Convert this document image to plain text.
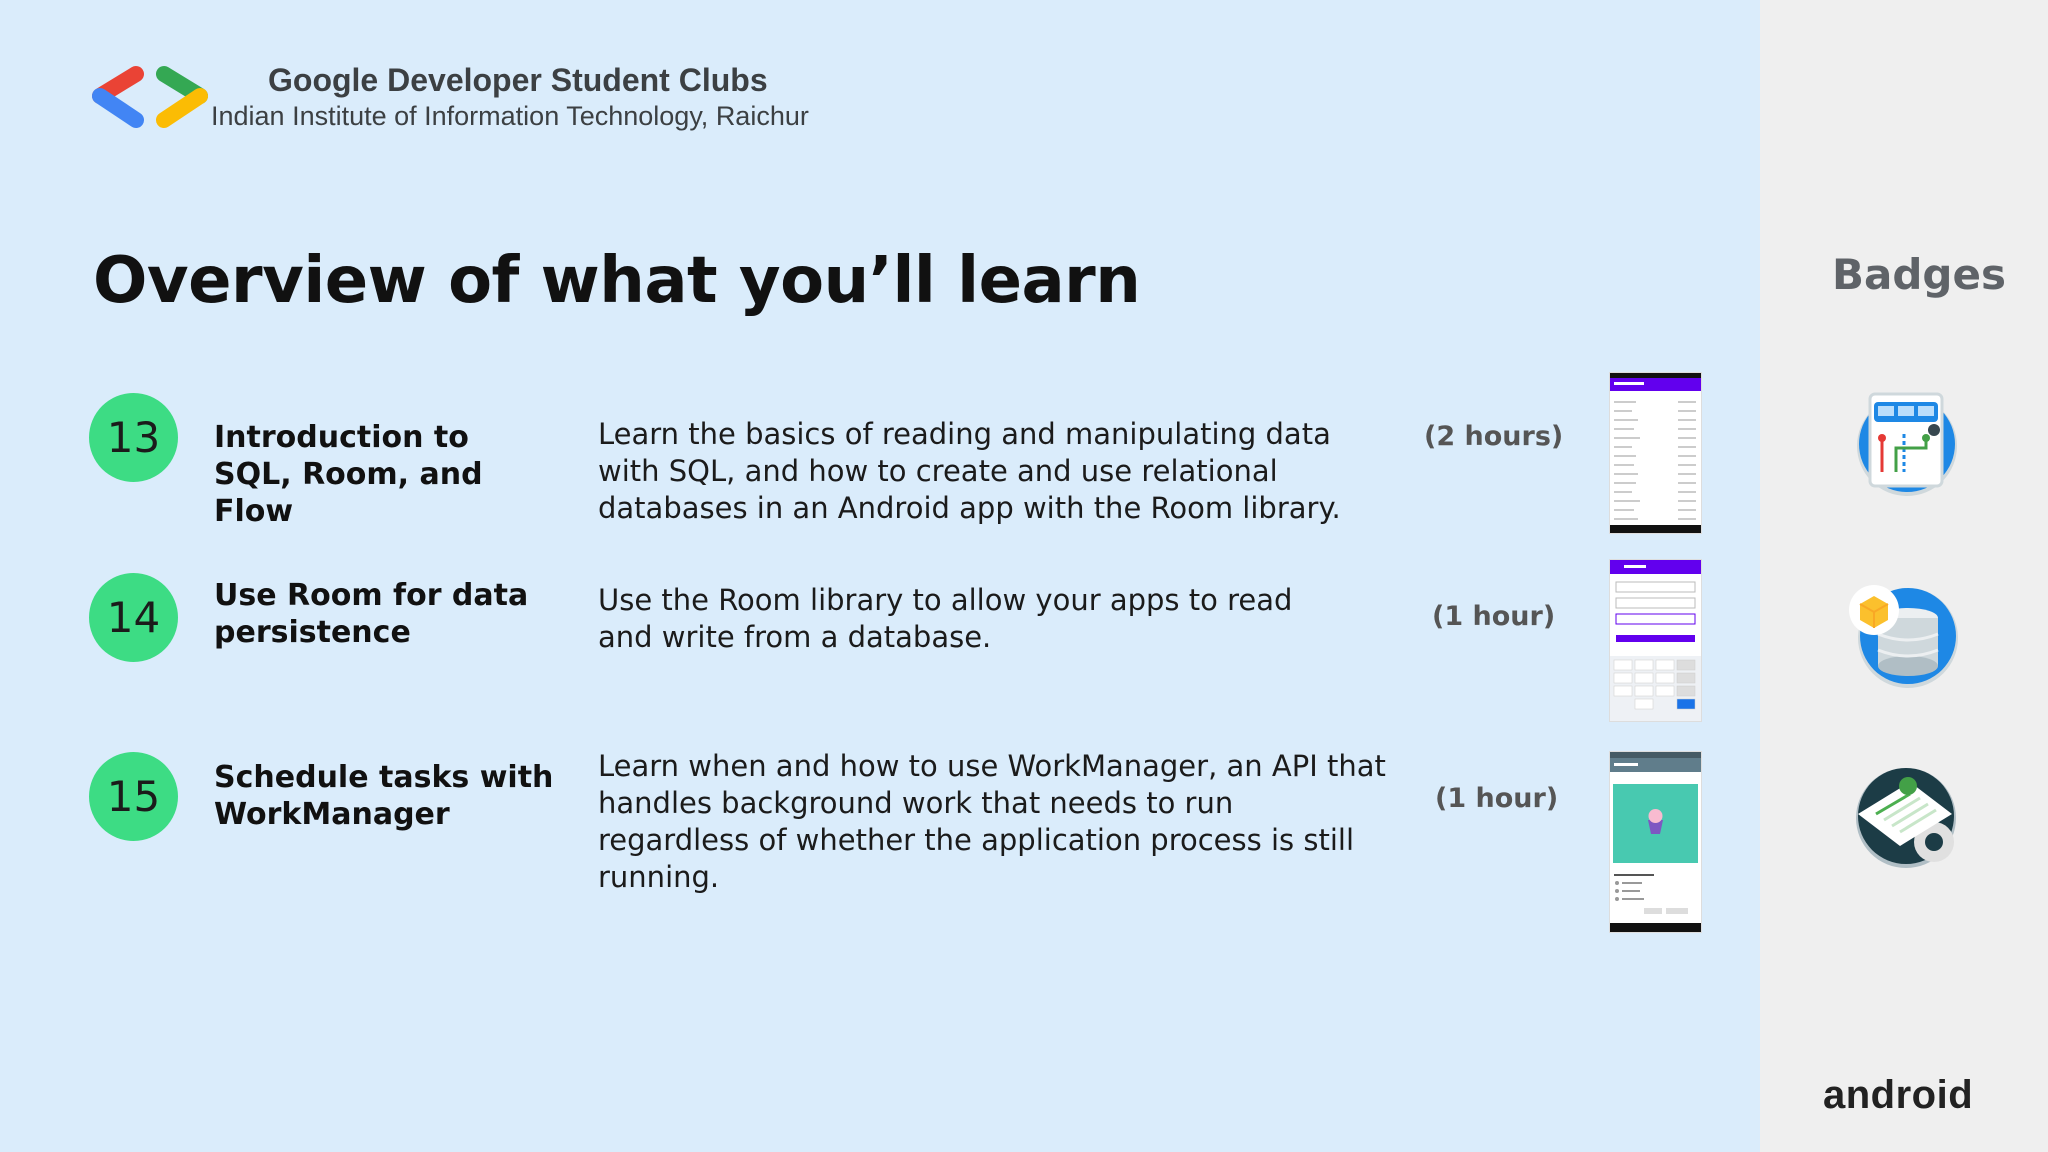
Google Developer Student Clubs
Indian Institute of Information Technology, Raichur
Overview of what you’ll learn
13	Introduction to SQL, Room, and Flow
Learn the basics of reading and manipulating data with SQL, and how to create and use relational databases in an Android app with the Room library.
(2 hours)
14	Use Room for data persistence
Use the Room library to allow your apps to read and write from a database.
(1 hour)
15	Schedule tasks with WorkManager
Learn when and how to use WorkManager, an API that handles background work that needs to run regardless of whether the application process is still running.
(1 hour)
Badges
android
